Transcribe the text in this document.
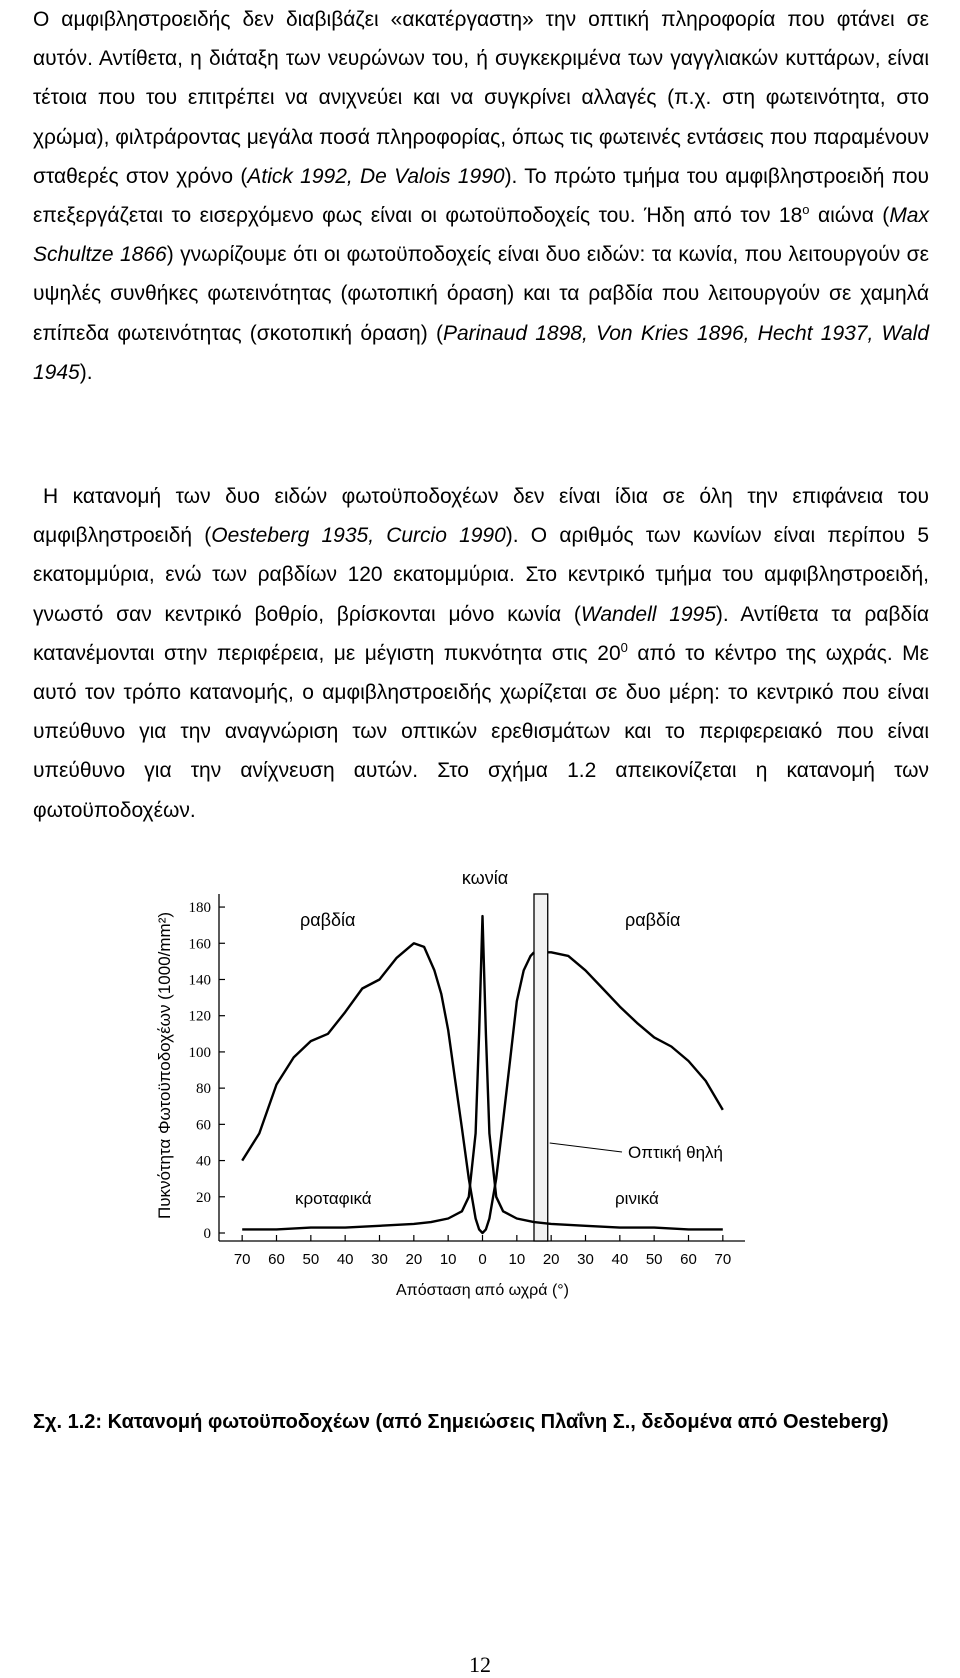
Ο αμφιβληστροειδής δεν διαβιβάζει «ακατέργαστη» την οπτική πληροφορία που φτάνει σε αυτόν. Αντίθετα, η διάταξη των νευρώνων του, ή συγκεκριμένα των γαγγλιακών κυττάρων, είναι τέτοια που του επιτρέπει να ανιχνεύει και να συγκρίνει αλλαγές (π.χ. στη φωτεινότητα, στο χρώμα), φιλτράροντας μεγάλα ποσά πληροφορίας, όπως τις φωτεινές εντάσεις που παραμένουν σταθερές στον χρόνο (Atick 1992, De Valois 1990). Το πρώτο τμήμα του αμφιβληστροειδή που επεξεργάζεται το εισερχόμενο φως είναι οι φωτοϋποδοχείς του. Ήδη από τον $18^o$ αιώνα (Max Schultze 1866) γνωρίζουμε ότι οι φωτοϋποδοχείς είναι δυο ειδών: τα κωνία, που λειτουργούν σε υψηλές συνθήκες φωτεινότητας (φωτοπική όραση) και τα ραβδία που λειτουργούν σε χαμηλά επίπεδα φωτεινότητας (σκοτοπική όραση) (Parinaud 1898, Von Kries 1896, Hecht 1937, Wald 1945).

Η κατανομή των δυο ειδών φωτοϋποδοχέων δεν είναι ίδια σε όλη την επιφάνεια του αμφιβληστροειδή (Oesteberg 1935, Curcio 1990). Ο αριθμός των κωνίων είναι περίπου 5 εκατομμύρια, ενώ των ραβδίων 120 εκατομμύρια. Στο κεντρικό τμήμα του αμφιβληστροειδή, γνωστό σαν κεντρικό βοθρίο, βρίσκονται μόνο κωνία (Wandell 1995). Αντίθετα τα ραβδία κατανέμονται στην περιφέρεια, με μέγιστη πυκνότητα στις $20^0$ από το κέντρο της ωχράς. Με αυτό τον τρόπο κατανομής, ο αμφιβληστροειδής χωρίζεται σε δυο μέρη: το κεντρικό που είναι υπεύθυνο για την αναγνώριση των οπτικών ερεθισμάτων και το περιφερειακό που είναι υπεύθυνο για την ανίχνευση αυτών. Στο σχήμα 1.2 απεικονίζεται η κατανομή των φωτοϋποδοχέων.

0
20
40
60
80
100
120
140
160
180
70 60 50 40 30 20 10 0 10 20 30 40 50 60 70
ραβδία	ραβδία
κωνία
κροταφικά	ρινικά
Οπτική θηλή
Απόσταση από ωχρά (°)
Πυκνότητα Φωτοϋποδοχέων (1000/mm²)

Σχ. 1.2: Κατανομή φωτοϋποδοχέων (από Σημειώσεις Πλαΐνη Σ., δεδομένα από Oesteberg)

12
